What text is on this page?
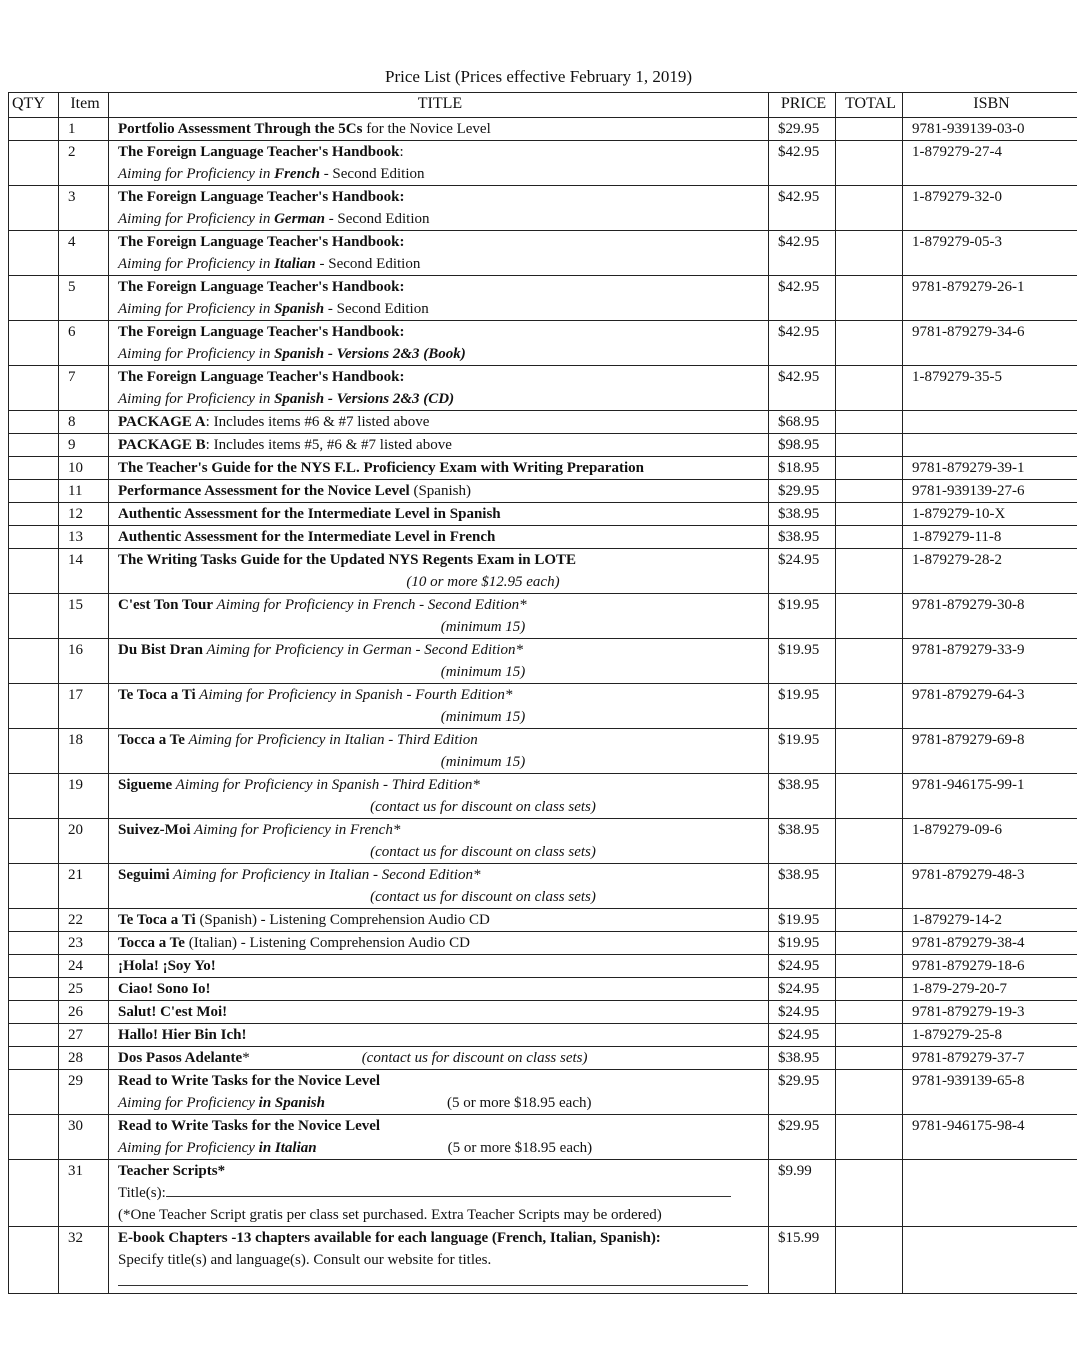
Price List (Prices effective February 1, 2019)
QTY	Item	TITLE	PRICE	TOTAL	ISBN
	1	Portfolio Assessment Through the 5Cs for the Novice Level	$29.95		9781-939139-03-0
	2	The Foreign Language Teacher's Handbook:
Aiming for Proficiency in French - Second Edition	$42.95		1-879279-27-4
	3	The Foreign Language Teacher's Handbook:
Aiming for Proficiency in German - Second Edition	$42.95		1-879279-32-0
	4	The Foreign Language Teacher's Handbook:
Aiming for Proficiency in Italian - Second Edition	$42.95		1-879279-05-3
	5	The Foreign Language Teacher's Handbook:
Aiming for Proficiency in Spanish - Second Edition	$42.95		9781-879279-26-1
	6	The Foreign Language Teacher's Handbook:
Aiming for Proficiency in Spanish - Versions 2&3 (Book)	$42.95		9781-879279-34-6
	7	The Foreign Language Teacher's Handbook:
Aiming for Proficiency in Spanish - Versions 2&3 (CD)	$42.95		1-879279-35-5
	8	PACKAGE A: Includes items #6 & #7 listed above	$68.95		
	9	PACKAGE B: Includes items #5, #6 & #7 listed above	$98.95		
	10	The Teacher's Guide for the NYS F.L. Proficiency Exam with Writing Preparation	$18.95		9781-879279-39-1
	11	Performance Assessment for the Novice Level (Spanish)	$29.95		9781-939139-27-6
	12	Authentic Assessment for the Intermediate Level in Spanish	$38.95		1-879279-10-X
	13	Authentic Assessment for the Intermediate Level in French	$38.95		1-879279-11-8
	14	The Writing Tasks Guide for the Updated NYS Regents Exam in LOTE
(10 or more $12.95 each)	$24.95		1-879279-28-2
	15	C'est Ton Tour Aiming for Proficiency in French - Second Edition*
(minimum 15)	$19.95		9781-879279-30-8
	16	Du Bist Dran Aiming for Proficiency in German - Second Edition*
(minimum 15)	$19.95		9781-879279-33-9
	17	Te Toca a Ti Aiming for Proficiency in Spanish - Fourth Edition*
(minimum 15)	$19.95		9781-879279-64-3
	18	Tocca a Te Aiming for Proficiency in Italian - Third Edition
(minimum 15)	$19.95		9781-879279-69-8
	19	Sigueme Aiming for Proficiency in Spanish - Third Edition*
(contact us for discount on class sets)	$38.95		9781-946175-99-1
	20	Suivez-Moi Aiming for Proficiency in French*
(contact us for discount on class sets)	$38.95		1-879279-09-6
	21	Seguimi Aiming for Proficiency in Italian - Second Edition*
(contact us for discount on class sets)	$38.95		9781-879279-48-3
	22	Te Toca a Ti (Spanish) - Listening Comprehension Audio CD	$19.95		1-879279-14-2
	23	Tocca a Te (Italian) - Listening Comprehension Audio CD	$19.95		9781-879279-38-4
	24	¡Hola! ¡Soy Yo!	$24.95		9781-879279-18-6
	25	Ciao! Sono Io!	$24.95		1-879-279-20-7
	26	Salut! C'est Moi!	$24.95		9781-879279-19-3
	27	Hallo! Hier Bin Ich!	$24.95		1-879279-25-8
	28	Dos Pasos Adelante* (contact us for discount on class sets)	$38.95		9781-879279-37-7
	29	Read to Write Tasks for the Novice Level
Aiming for Proficiency in Spanish (5 or more $18.95 each)	$29.95		9781-939139-65-8
	30	Read to Write Tasks for the Novice Level
Aiming for Proficiency in Italian (5 or more $18.95 each)	$29.95		9781-946175-98-4
	31	Teacher Scripts*
Title(s):
(*One Teacher Script gratis per class set purchased. Extra Teacher Scripts may be ordered)	$9.99		
	32	E-book Chapters -13 chapters available for each language (French, Italian, Spanish):
Specify title(s) and language(s). Consult our website for titles.	$15.99		
